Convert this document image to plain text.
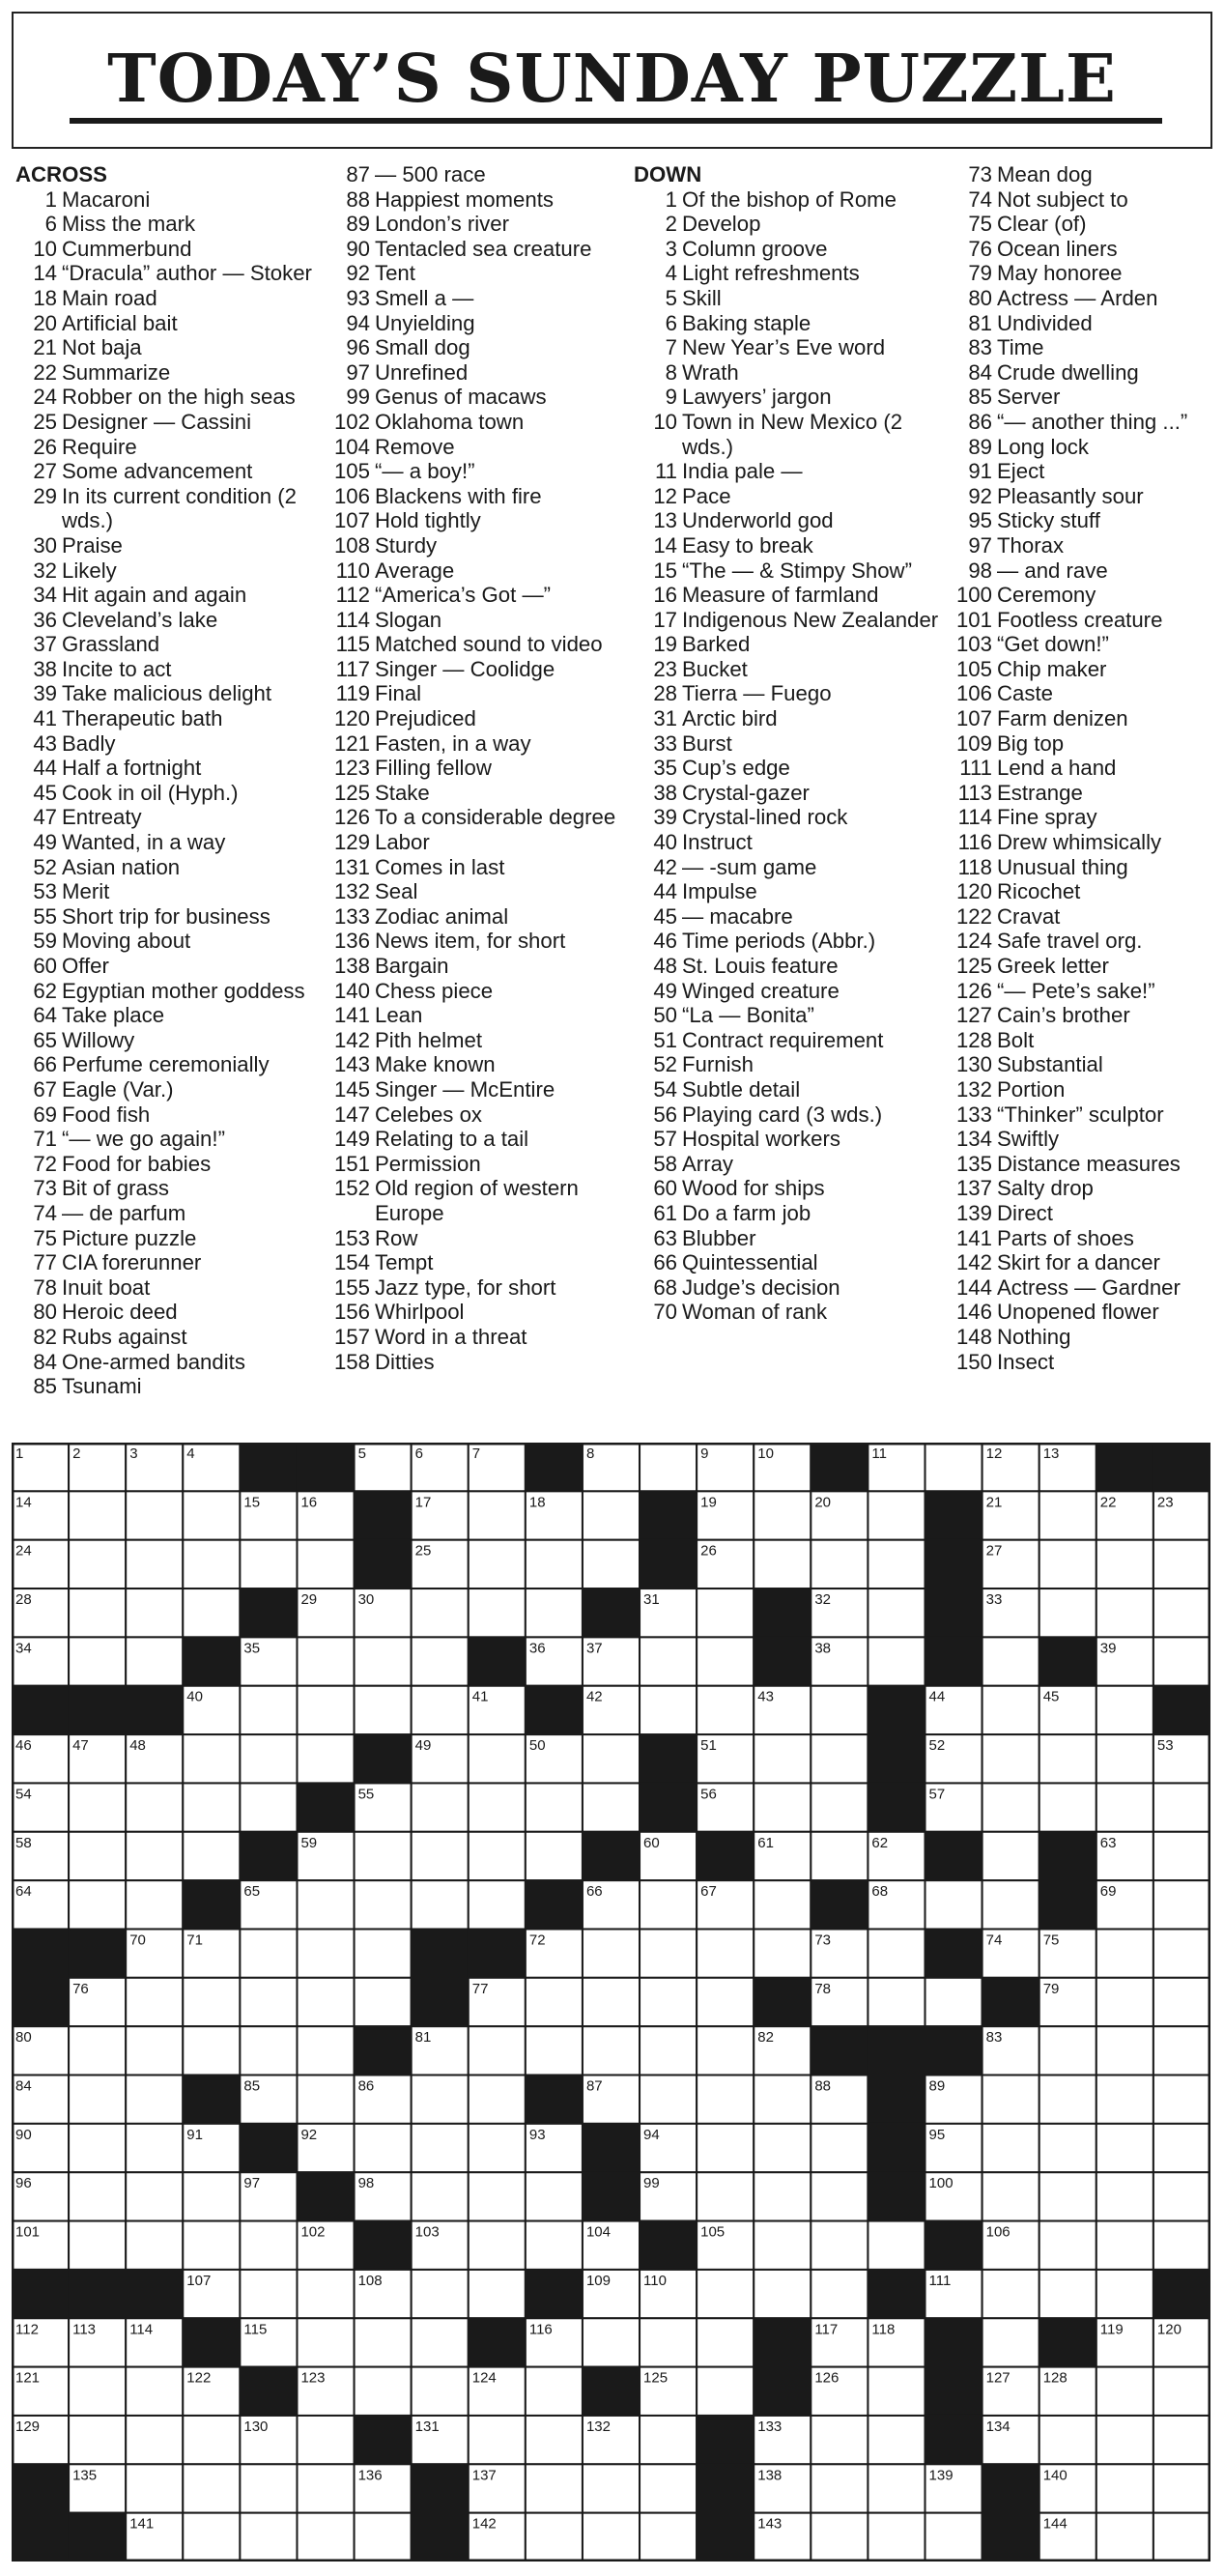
TODAY’S SUNDAY PUZZLE
ACROSS
1 Macaroni
6 Miss the mark
10 Cummerbund
14 “Dracula” author — Stoker
18 Main road
20 Artificial bait
21 Not baja
22 Summarize
24 Robber on the high seas
25 Designer — Cassini
26 Require
27 Some advancement
29 In its current condition (2 wds.)
30 Praise
32 Likely
34 Hit again and again
36 Cleveland’s lake
37 Grassland
38 Incite to act
39 Take malicious delight
41 Therapeutic bath
43 Badly
44 Half a fortnight
45 Cook in oil (Hyph.)
47 Entreaty
49 Wanted, in a way
52 Asian nation
53 Merit
55 Short trip for business
59 Moving about
60 Offer
62 Egyptian mother goddess
64 Take place
65 Willowy
66 Perfume ceremonially
67 Eagle (Var.)
69 Food fish
71 “— we go again!”
72 Food for babies
73 Bit of grass
74 — de parfum
75 Picture puzzle
77 CIA forerunner
78 Inuit boat
80 Heroic deed
82 Rubs against
84 One-armed bandits
85 Tsunami
87 — 500 race
88 Happiest moments
89 London’s river
90 Tentacled sea creature
92 Tent
93 Smell a —
94 Unyielding
96 Small dog
97 Unrefined
99 Genus of macaws
102 Oklahoma town
104 Remove
105 “— a boy!”
106 Blackens with fire
107 Hold tightly
108 Sturdy
110 Average
112 “America’s Got —”
114 Slogan
115 Matched sound to video
117 Singer — Coolidge
119 Final
120 Prejudiced
121 Fasten, in a way
123 Filling fellow
125 Stake
126 To a considerable degree
129 Labor
131 Comes in last
132 Seal
133 Zodiac animal
136 News item, for short
138 Bargain
140 Chess piece
141 Lean
142 Pith helmet
143 Make known
145 Singer — McEntire
147 Celebes ox
149 Relating to a tail
151 Permission
152 Old region of western Europe
153 Row
154 Tempt
155 Jazz type, for short
156 Whirlpool
157 Word in a threat
158 Ditties
DOWN
1 Of the bishop of Rome
2 Develop
3 Column groove
4 Light refreshments
5 Skill
6 Baking staple
7 New Year’s Eve word
8 Wrath
9 Lawyers’ jargon
10 Town in New Mexico (2 wds.)
11 India pale —
12 Pace
13 Underworld god
14 Easy to break
15 “The — & Stimpy Show”
16 Measure of farmland
17 Indigenous New Zealander
19 Barked
23 Bucket
28 Tierra — Fuego
31 Arctic bird
33 Burst
35 Cup’s edge
38 Crystal-gazer
39 Crystal-lined rock
40 Instruct
42 — -sum game
44 Impulse
45 — macabre
46 Time periods (Abbr.)
48 St. Louis feature
49 Winged creature
50 “La — Bonita”
51 Contract requirement
52 Furnish
54 Subtle detail
56 Playing card (3 wds.)
57 Hospital workers
58 Array
60 Wood for ships
61 Do a farm job
63 Blubber
66 Quintessential
68 Judge’s decision
70 Woman of rank
73 Mean dog
74 Not subject to
75 Clear (of)
76 Ocean liners
79 May honoree
80 Actress — Arden
81 Undivided
83 Time
84 Crude dwelling
85 Server
86 “— another thing ...”
89 Long lock
91 Eject
92 Pleasantly sour
95 Sticky stuff
97 Thorax
98 — and rave
100 Ceremony
101 Footless creature
103 “Get down!”
105 Chip maker
106 Caste
107 Farm denizen
109 Big top
111 Lend a hand
113 Estrange
114 Fine spray
116 Drew whimsically
118 Unusual thing
120 Ricochet
122 Cravat
124 Safe travel org.
125 Greek letter
126 “— Pete’s sake!”
127 Cain’s brother
128 Bolt
130 Substantial
132 Portion
133 “Thinker” sculptor
134 Swiftly
135 Distance measures
137 Salty drop
139 Direct
141 Parts of shoes
142 Skirt for a dancer
144 Actress — Gardner
146 Unopened flower
148 Nothing
150 Insect
1	2	3	4	5	6	7	8	9	10	11	12	13
14	15	16	17	18	19	20	21	22	23
24	25	26	27
28	29	30	31	32	33
34	35	36	37	38	39
40	41	42	43	44	45
46	47	48	49	50	51	52	53
54	55	56	57
58	59	60	61	62	63
64	65	66	67	68	69
70	71	72	73	74	75
76	77	78	79
80	81	82	83
84	85	86	87	88	89
90	91	92	93	94	95
96	97	98	99	100
101	102	103	104	105	106
107	108	109 110	111
112 113 114	115	116	117 118	119 120
121	122	123	124	125	126	127 128
129	130	131	132	133	134
135	136	137	138	139	140
141	142	143	144
